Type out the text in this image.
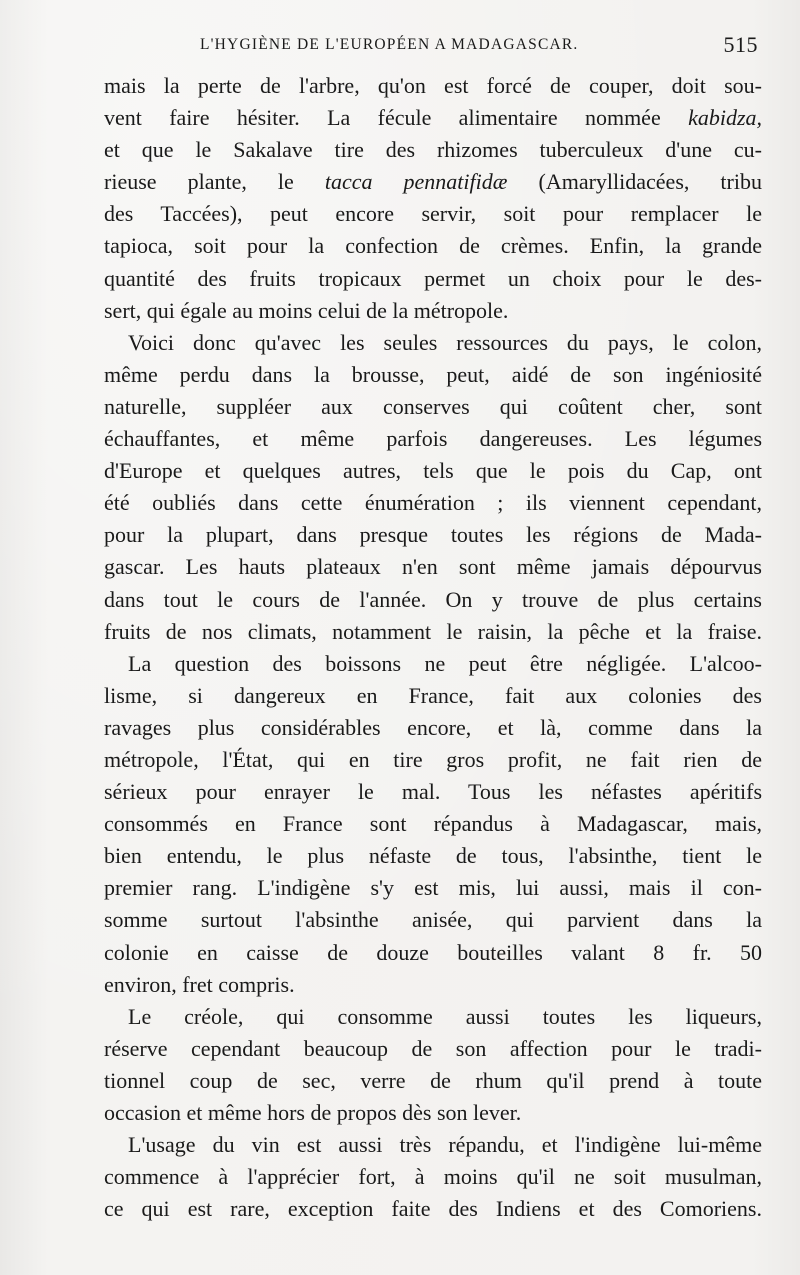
L'HYGIÈNE DE L'EUROPÉEN A MADAGASCAR.	515
mais la perte de l'arbre, qu'on est forcé de couper, doit sou-
vent faire hésiter. La fécule alimentaire nommée kabidza,
et que le Sakalave tire des rhizomes tuberculeux d'une cu-
rieuse plante, le tacca pennatifidæ (Amaryllidacées, tribu
des Taccées), peut encore servir, soit pour remplacer le
tapioca, soit pour la confection de crèmes. Enfin, la grande
quantité des fruits tropicaux permet un choix pour le des-
sert, qui égale au moins celui de la métropole.
Voici donc qu'avec les seules ressources du pays, le colon,
même perdu dans la brousse, peut, aidé de son ingéniosité
naturelle, suppléer aux conserves qui coûtent cher, sont
échauffantes, et même parfois dangereuses. Les légumes
d'Europe et quelques autres, tels que le pois du Cap, ont
été oubliés dans cette énumération ; ils viennent cependant,
pour la plupart, dans presque toutes les régions de Mada-
gascar. Les hauts plateaux n'en sont même jamais dépourvus
dans tout le cours de l'année. On y trouve de plus certains
fruits de nos climats, notamment le raisin, la pêche et la fraise.
La question des boissons ne peut être négligée. L'alcoo-
lisme, si dangereux en France, fait aux colonies des
ravages plus considérables encore, et là, comme dans la
métropole, l'État, qui en tire gros profit, ne fait rien de
sérieux pour enrayer le mal. Tous les néfastes apéritifs
consommés en France sont répandus à Madagascar, mais,
bien entendu, le plus néfaste de tous, l'absinthe, tient le
premier rang. L'indigène s'y est mis, lui aussi, mais il con-
somme surtout l'absinthe anisée, qui parvient dans la
colonie en caisse de douze bouteilles valant 8 fr. 50
environ, fret compris.
Le créole, qui consomme aussi toutes les liqueurs,
réserve cependant beaucoup de son affection pour le tradi-
tionnel coup de sec, verre de rhum qu'il prend à toute
occasion et même hors de propos dès son lever.
L'usage du vin est aussi très répandu, et l'indigène lui-même
commence à l'apprécier fort, à moins qu'il ne soit musulman,
ce qui est rare, exception faite des Indiens et des Comoriens.
